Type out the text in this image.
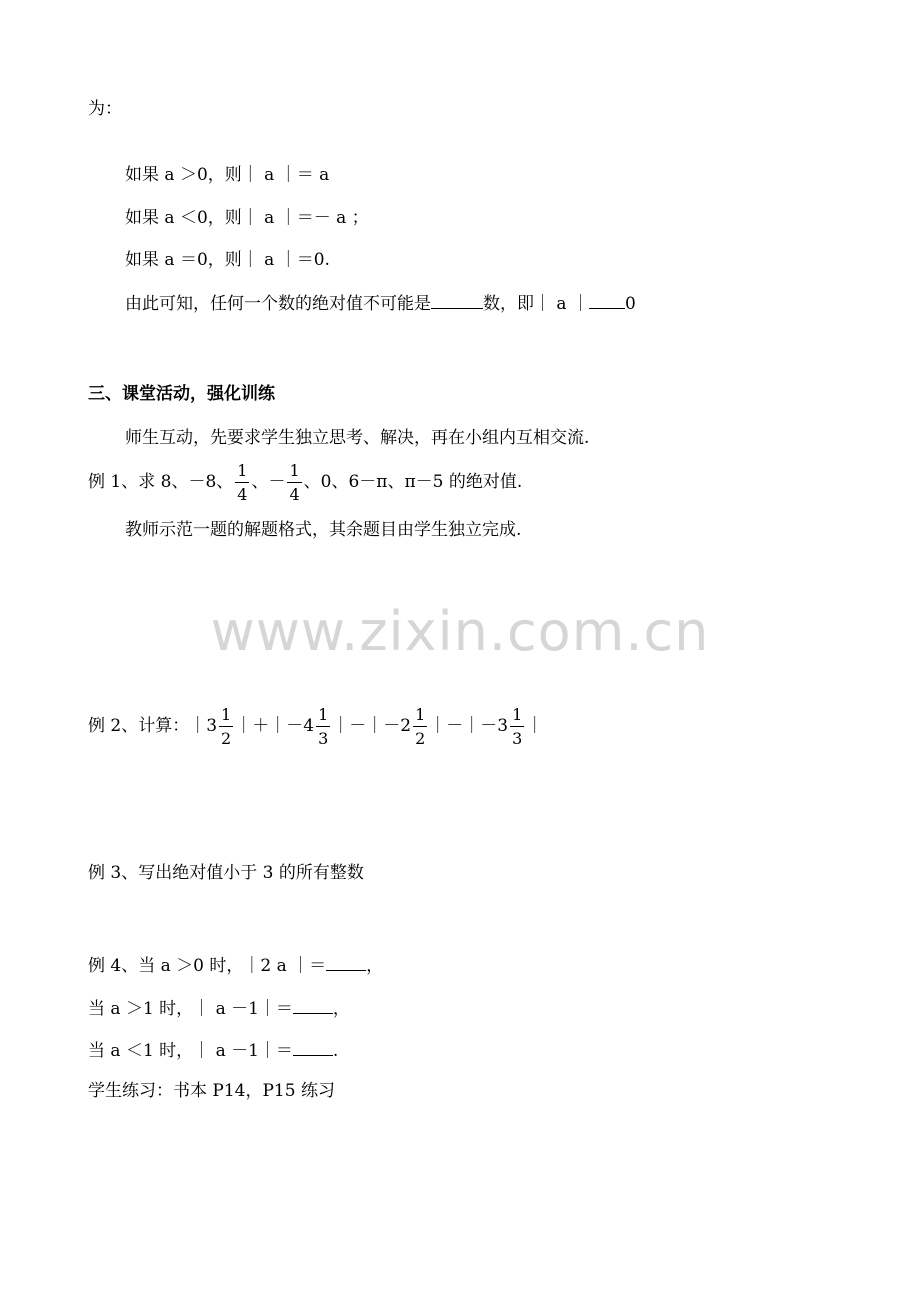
为：
如果 a ＞0，则｜ a ｜＝ a
如果 a ＜0，则｜ a ｜＝－ a ；
如果 a ＝0，则｜ a ｜＝0.
由此可知，任何一个数的绝对值不可能是	数，即｜ a ｜ 0
三、课堂活动，强化训练
师生互动，先要求学生独立思考、解决，再在小组内互相交流.
例 1、求 8、－8、 $\frac{1}{4}$ 、－ $\frac{1}{4}$ 、0、6－π、π－5 的绝对值.
教师示范一题的解题格式，其余题目由学生独立完成.
www.zixin.com.cn
例 2、计算：｜3 $\frac{1}{2}$ ｜＋｜－4 $\frac{1}{3}$ ｜－｜－2 $\frac{1}{2}$ ｜－｜－3 $\frac{1}{3}$ ｜
例 3、写出绝对值小于 3 的所有整数
例 4、当 a ＞0 时，｜2 a ｜＝ ，
当 a ＞1 时，｜ a －1｜＝ ，
当 a ＜1 时，｜ a －1｜＝ .
学生练习：书本 P14，P15 练习
